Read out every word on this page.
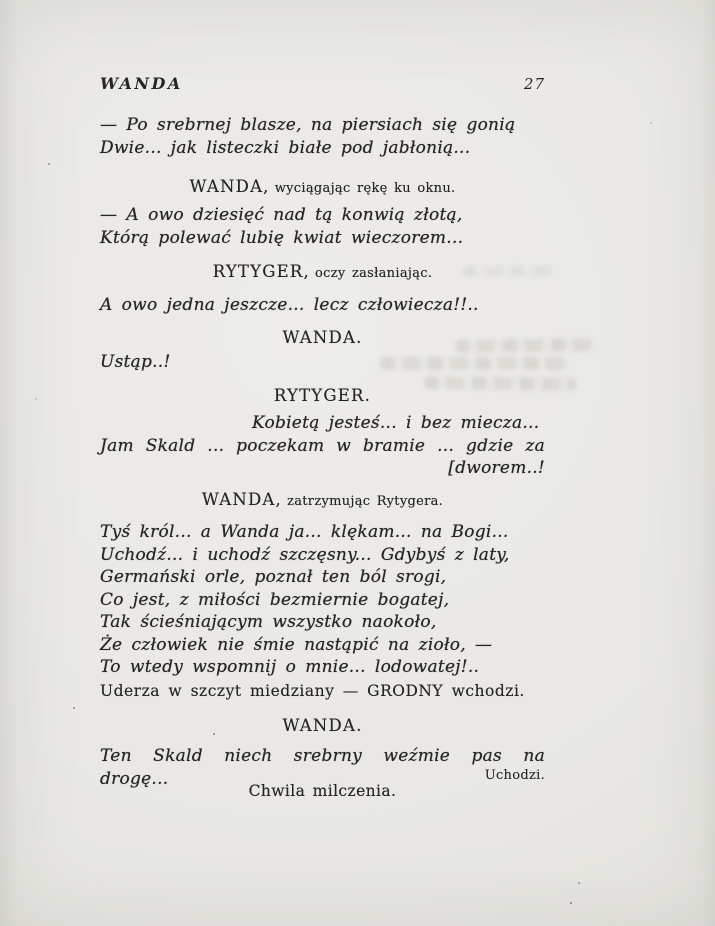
WANDA	27
— Po srebrnej blasze, na piersiach się gonią
Dwie... jak listeczki białe pod jabłonią...
WANDA, wyciągając rękę ku oknu.
— A owo dziesięć nad tą konwią złotą,
Którą polewać lubię kwiat wieczorem...
RYTYGER, oczy zasłaniając.
A owo jedna jeszcze... lecz człowiecza!!..
WANDA.
Ustąp..!
RYTYGER.
Kobietą jesteś... i bez miecza...
Jam Skald ... poczekam w bramie ... gdzie za
[dworem..!
WANDA, zatrzymując Rytygera.
Tyś król... a Wanda ja... klękam... na Bogi...
Uchodź... i uchodź szczęsny... Gdybyś z laty,
Germański orle, poznał ten ból srogi,
Co jest, z miłości bezmiernie bogatej,
Tak ścieśniającym wszystko naokoło,
Że człowiek nie śmie nastąpić na zioło, —
To wtedy wspomnij o mnie... lodowatej!..
Uderza w szczyt miedziany — GRODNY wchodzi.
WANDA.
Ten Skald niech srebrny weźmie pas na drogę...	Uchodzi.
Chwila milczenia.
